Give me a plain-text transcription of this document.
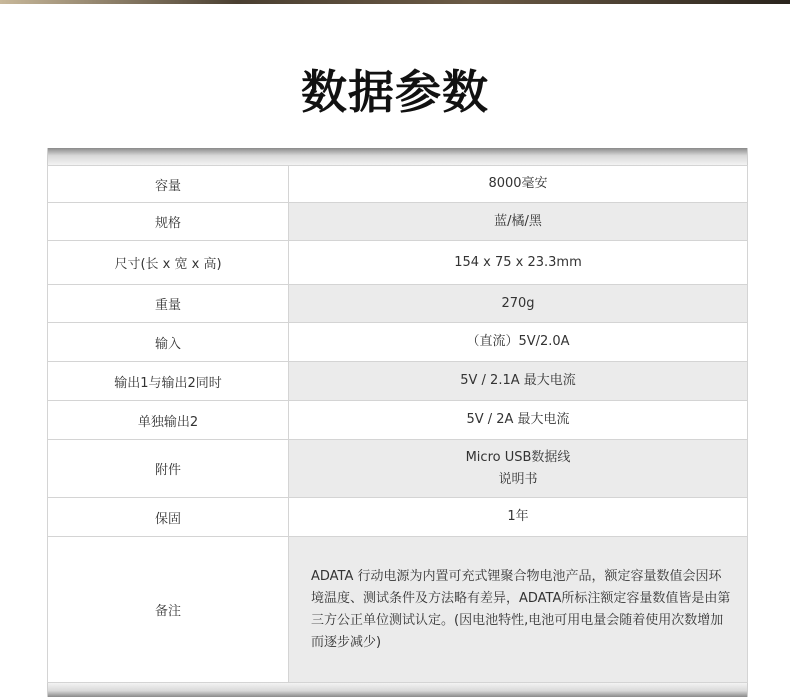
数据参数
容量	8000毫安

规格	蓝/橘/黑

尺寸(长 x 宽 x 高)	154 x 75 x 23.3mm

重量	270g

输入	（直流）5V/2.0A

输出1与输出2同时	5V / 2.1A 最大电流

单独输出2	5V / 2A 最大电流

附件	Micro USB数据线
说明书

保固	1年

备注	ADATA 行动电源为内置可充式锂聚合物电池产品，额定容量数值会因环境温度、测试条件及方法略有差异，ADATA所标注额定容量数值皆是由第三方公正单位测试认定。(因电池特性,电池可用电量会随着使用次数增加而逐步减少)
